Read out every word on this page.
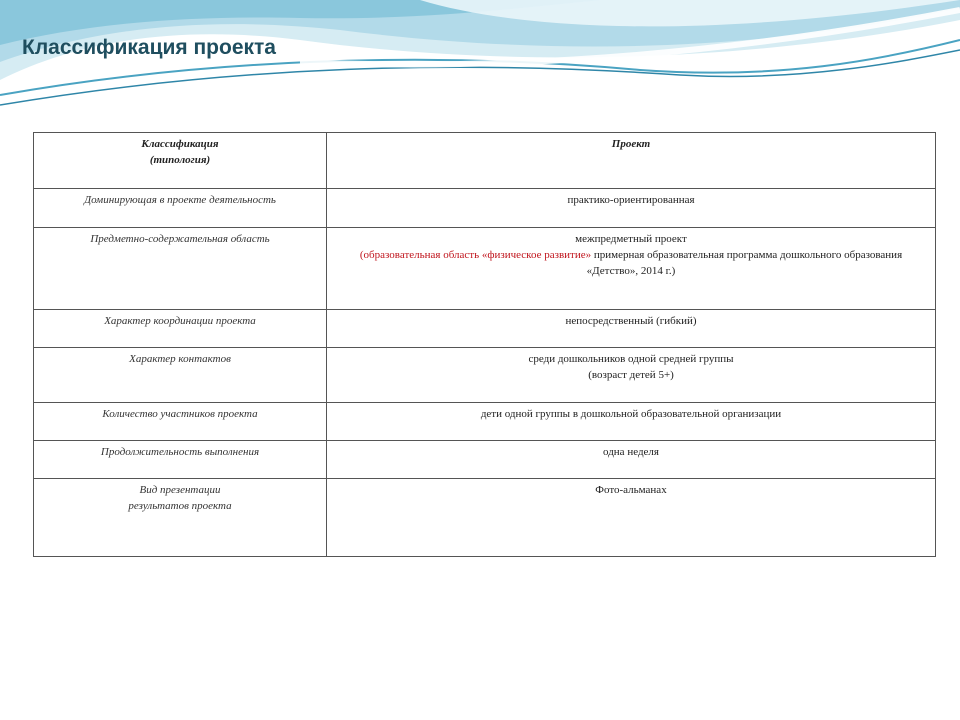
Классификация проекта
Классификация
(типология)	Проект
Доминирующая в проекте деятельность	практико-ориентированная
Предметно-содержательная область	межпредметный проект
(образовательная область «физическое развитие» примерная образовательная программа дошкольного образования «Детство», 2014 г.)
Характер координации проекта	непосредственный (гибкий)
Характер контактов	среди дошкольников одной средней группы
(возраст детей 5+)

Количество участников проекта	дети одной группы в дошкольной образовательной организации
Продолжительность выполнения	одна неделя

Вид презентации
результатов проекта	Фото-альманах
